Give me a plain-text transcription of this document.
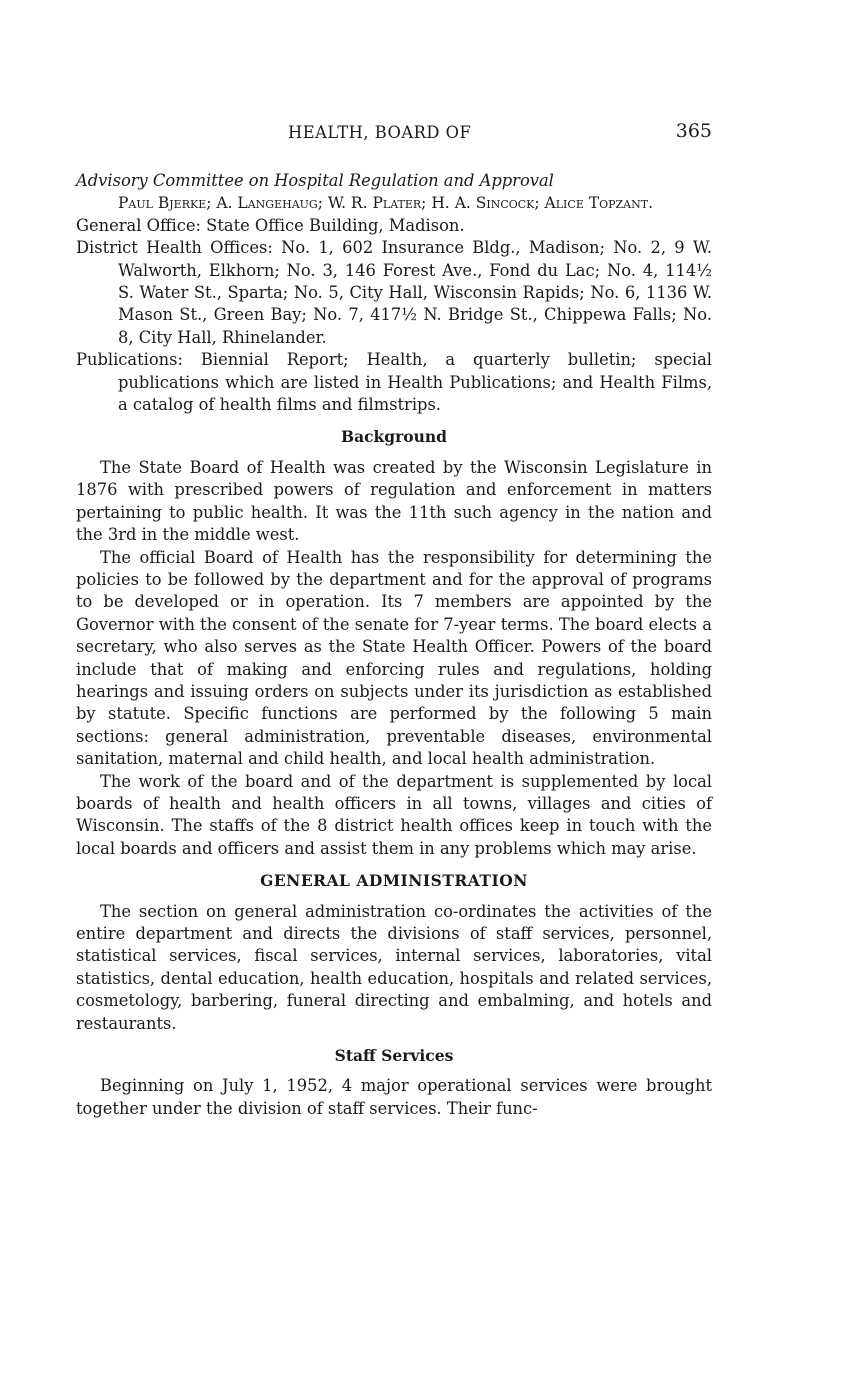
HEALTH, BOARD OF	365

Advisory Committee on Hospital Regulation and Approval

Paul Bjerke; A. Langehaug; W. R. Plater; H. A. Sincock; Alice Topzant.

General Office: State Office Building, Madison.

District Health Offices: No. 1, 602 Insurance Bldg., Madison; No. 2, 9 W. Walworth, Elkhorn; No. 3, 146 Forest Ave., Fond du Lac; No. 4, 114½ S. Water St., Sparta; No. 5, City Hall, Wisconsin Rapids; No. 6, 1136 W. Mason St., Green Bay; No. 7, 417½ N. Bridge St., Chippewa Falls; No. 8, City Hall, Rhinelander.

Publications: Biennial Report; Health, a quarterly bulletin; special publications which are listed in Health Publications; and Health Films, a catalog of health films and filmstrips.

Background

The State Board of Health was created by the Wisconsin Legislature in 1876 with prescribed powers of regulation and enforcement in matters pertaining to public health. It was the 11th such agency in the nation and the 3rd in the middle west.

The official Board of Health has the responsibility for determining the policies to be followed by the department and for the approval of programs to be developed or in operation. Its 7 members are appointed by the Governor with the consent of the senate for 7-year terms. The board elects a secretary, who also serves as the State Health Officer. Powers of the board include that of making and enforcing rules and regulations, holding hearings and issuing orders on subjects under its jurisdiction as established by statute. Specific functions are performed by the following 5 main sections: general administration, preventable diseases, environmental sanitation, maternal and child health, and local health administration.

The work of the board and of the department is supplemented by local boards of health and health officers in all towns, villages and cities of Wisconsin. The staffs of the 8 district health offices keep in touch with the local boards and officers and assist them in any problems which may arise.

GENERAL ADMINISTRATION

The section on general administration co-ordinates the activities of the entire department and directs the divisions of staff services, personnel, statistical services, fiscal services, internal services, laboratories, vital statistics, dental education, health education, hospitals and related services, cosmetology, barbering, funeral directing and embalming, and hotels and restaurants.

Staff Services

Beginning on July 1, 1952, 4 major operational services were brought together under the division of staff services. Their func-
